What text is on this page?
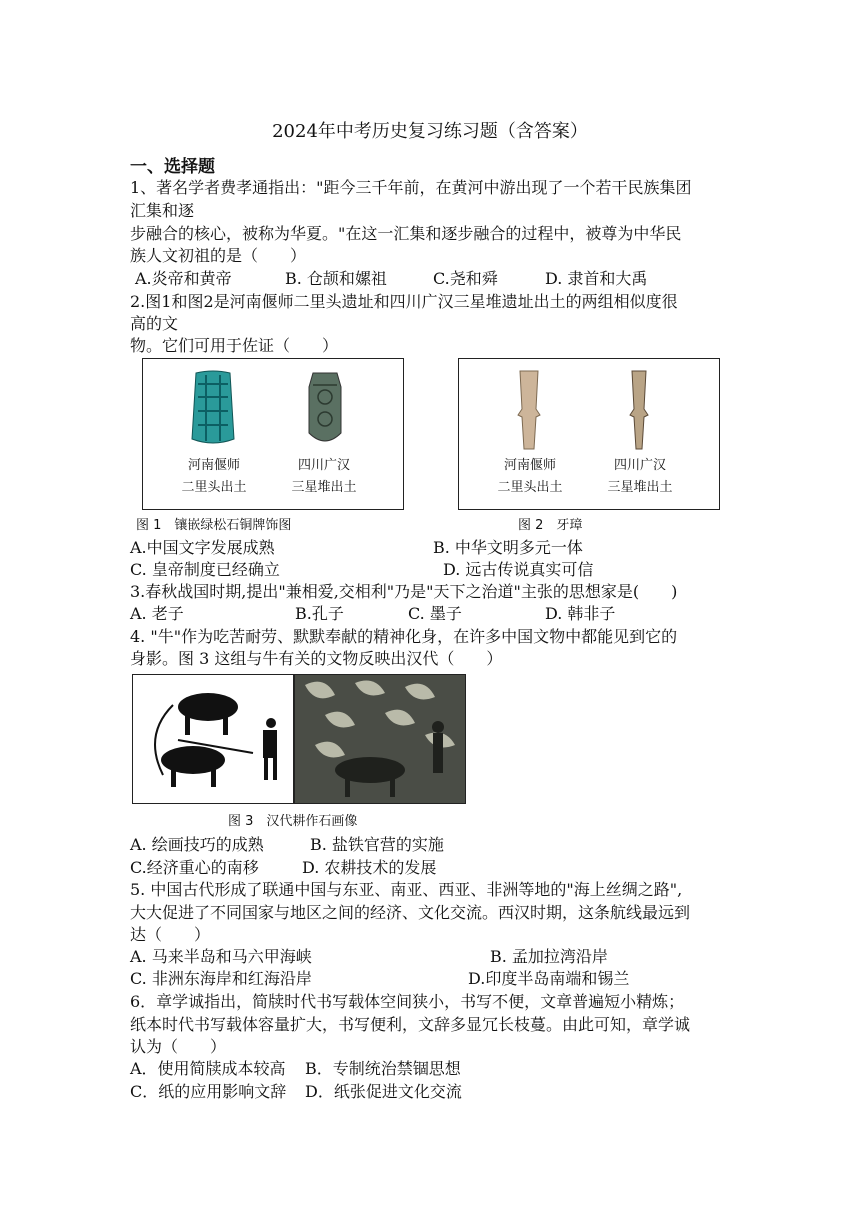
2024年中考历史复习练习题（含答案）
一、选择题
1、著名学者费孝通指出："距今三千年前，在黄河中游出现了一个若干民族集团
汇集和逐
步融合的核心，被称为华夏。"在这一汇集和逐步融合的过程中，被尊为中华民
族人文初祖的是（　　）
A.炎帝和黄帝	B. 仓颉和嫘祖	C.尧和舜	D. 隶首和大禹
2.图1和图2是河南偃师二里头遗址和四川广汉三星堆遗址出土的两组相似度很
高的文
物。它们可用于佐证（　　）
河南偃师
二里头出土
四川广汉
三星堆出土
图 1　镶嵌绿松石铜牌饰图
河南偃师
二里头出土
四川广汉
三星堆出土
图 2　牙璋
A.中国文字发展成熟	B. 中华文明多元一体
C. 皇帝制度已经确立	D. 远古传说真实可信
3.春秋战国时期,提出"兼相爱,交相利"乃是"天下之治道"主张的思想家是(　　)
A. 老子	B.孔子	C. 墨子	D. 韩非子
4. "牛"作为吃苦耐劳、默默奉献的精神化身，在许多中国文物中都能见到它的
身影。图 3 这组与牛有关的文物反映出汉代（　　）
图 3　汉代耕作石画像
A. 绘画技巧的成熟	B. 盐铁官营的实施
C.经济重心的南移	D. 农耕技术的发展
5. 中国古代形成了联通中国与东亚、南亚、西亚、非洲等地的"海上丝绸之路",
大大促进了不同国家与地区之间的经济、文化交流。西汉时期，这条航线最远到
达（　　）
A. 马来半岛和马六甲海峡	B. 孟加拉湾沿岸
C. 非洲东海岸和红海沿岸	D.印度半岛南端和锡兰
6．章学诚指出，简牍时代书写载体空间狭小，书写不便，文章普遍短小精炼；
纸本时代书写载体容量扩大，书写便利，文辞多显冗长枝蔓。由此可知，章学诚
认为（　　）
A．使用简牍成本较高 B．专制统治禁锢思想
C．纸的应用影响文辞 D．纸张促进文化交流
